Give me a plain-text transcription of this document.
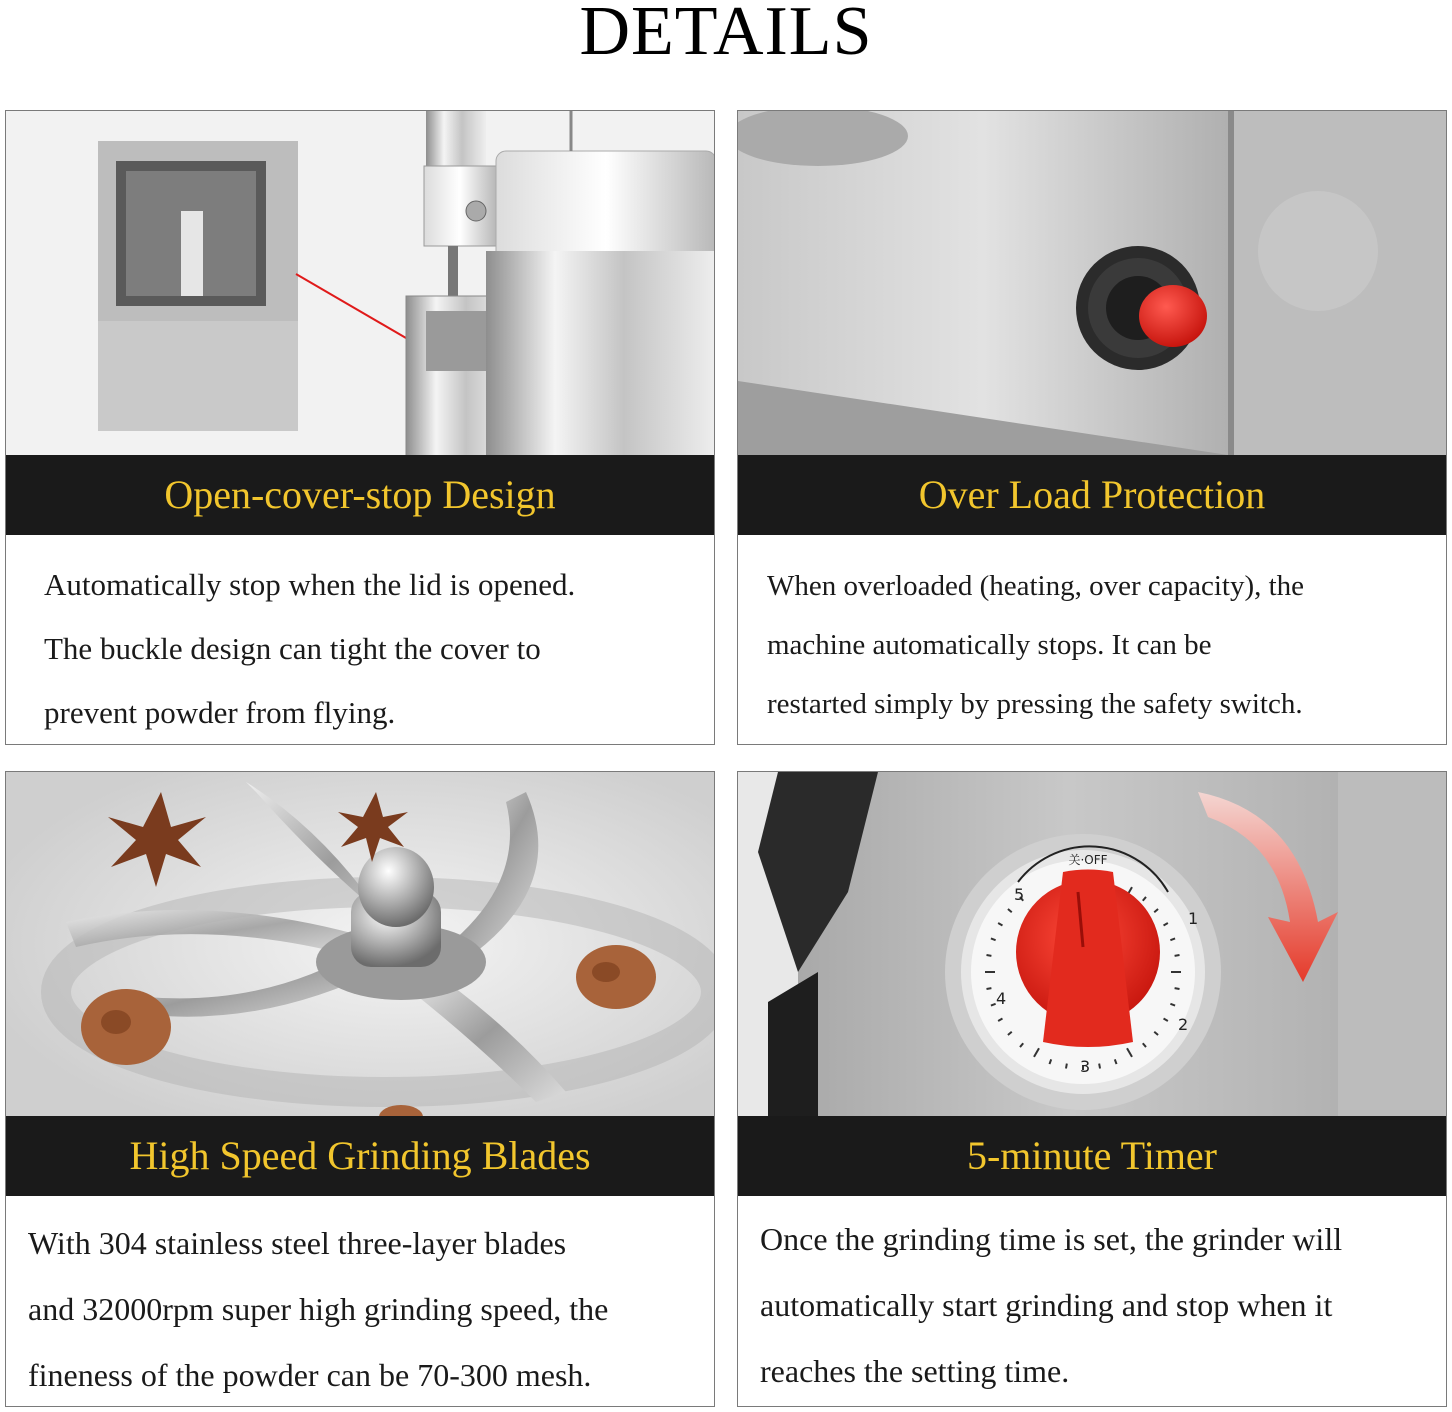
DETAILS
Open-cover-stop Design
Automatically stop when the lid is opened.
The buckle design can tight the cover to
prevent powder from flying.
Over Load Protection
When overloaded (heating, over capacity), the
machine automatically stops. It can be
restarted simply by pressing the safety switch.
High Speed Grinding Blades
With 304 stainless steel three-layer blades
and 32000rpm super high grinding speed, the
fineness of the powder can be 70-300 mesh.
关·OFF
1
2
3
4
5
5-minute Timer
Once the grinding time is set, the grinder will
automatically start grinding and stop when it
reaches the setting time.
